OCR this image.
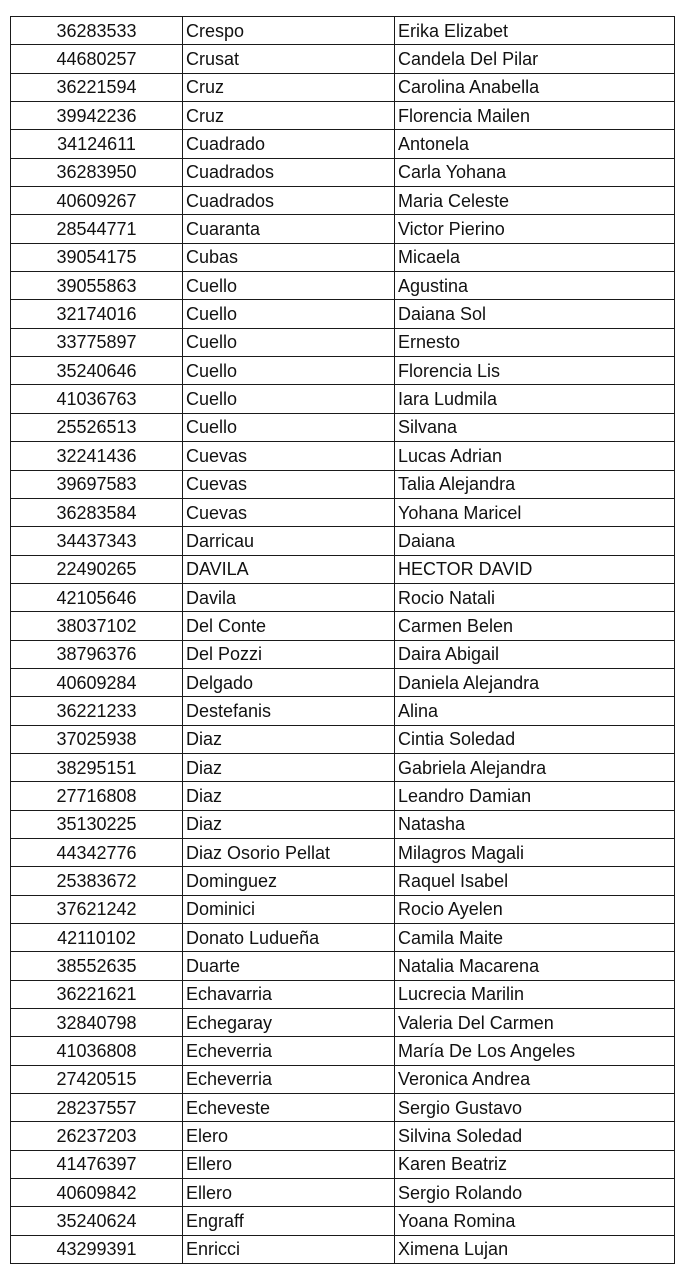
36283533	Crespo	Erika Elizabet
44680257	Crusat	Candela Del Pilar
36221594	Cruz	Carolina Anabella
39942236	Cruz	Florencia Mailen
34124611	Cuadrado	Antonela
36283950	Cuadrados	Carla Yohana
40609267	Cuadrados	Maria Celeste
28544771	Cuaranta	Victor Pierino
39054175	Cubas	Micaela
39055863	Cuello	Agustina
32174016	Cuello	Daiana Sol
33775897	Cuello	Ernesto
35240646	Cuello	Florencia Lis
41036763	Cuello	Iara Ludmila
25526513	Cuello	Silvana
32241436	Cuevas	Lucas Adrian
39697583	Cuevas	Talia Alejandra
36283584	Cuevas	Yohana Maricel
34437343	Darricau	Daiana
22490265	DAVILA	HECTOR DAVID
42105646	Davila	Rocio Natali
38037102	Del Conte	Carmen Belen
38796376	Del Pozzi	Daira Abigail
40609284	Delgado	Daniela Alejandra
36221233	Destefanis	Alina
37025938	Diaz	Cintia Soledad
38295151	Diaz	Gabriela Alejandra
27716808	Diaz	Leandro Damian
35130225	Diaz	Natasha
44342776	Diaz Osorio Pellat	Milagros Magali
25383672	Dominguez	Raquel Isabel
37621242	Dominici	Rocio Ayelen
42110102	Donato Ludueña	Camila Maite
38552635	Duarte	Natalia Macarena
36221621	Echavarria	Lucrecia Marilin
32840798	Echegaray	Valeria Del Carmen
41036808	Echeverria	María De Los Angeles
27420515	Echeverria	Veronica Andrea
28237557	Echeveste	Sergio Gustavo
26237203	Elero	Silvina Soledad
41476397	Ellero	Karen Beatriz
40609842	Ellero	Sergio Rolando
35240624	Engraff	Yoana Romina
43299391	Enricci	Ximena Lujan
